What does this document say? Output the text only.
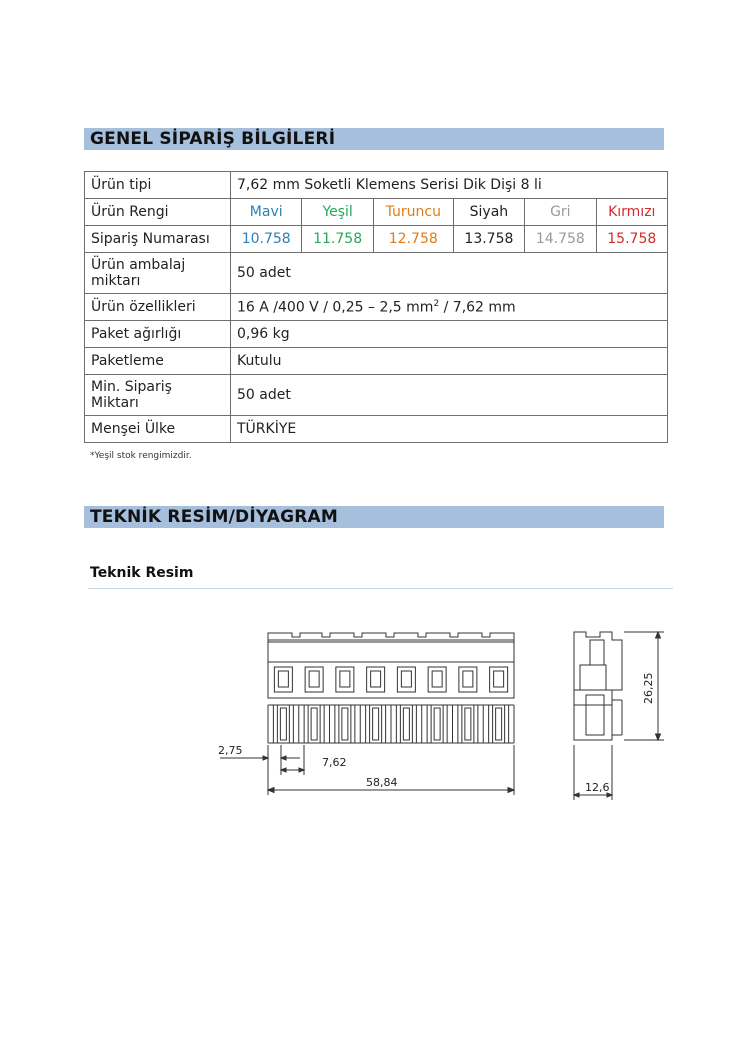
GENEL SİPARİŞ BİLGİLERİ
Ürün tipi	7,62 mm Soketli Klemens Serisi Dik Dişi 8 li					
Ürün Rengi	Mavi	Yeşil	Turuncu	Siyah	Gri	Kırmızı
Sipariş Numarası	10.758	11.758	12.758	13.758	14.758	15.758
Ürün ambalaj miktarı	50 adet					
Ürün özellikleri	16 A /400 V / 0,25 – 2,5 $mm^2 / 7,62$ mm					
Paket ağırlığı	0,96 kg					
Paketleme	Kutulu					
Min. Sipariş Miktarı	50 adet					
Menşei Ülke	TÜRKİYE					
*Yeşil stok rengimizdir.
TEKNİK RESİM/DİYAGRAM
Teknik Resim
2,75
7,62
58,84
26,25
12,6
